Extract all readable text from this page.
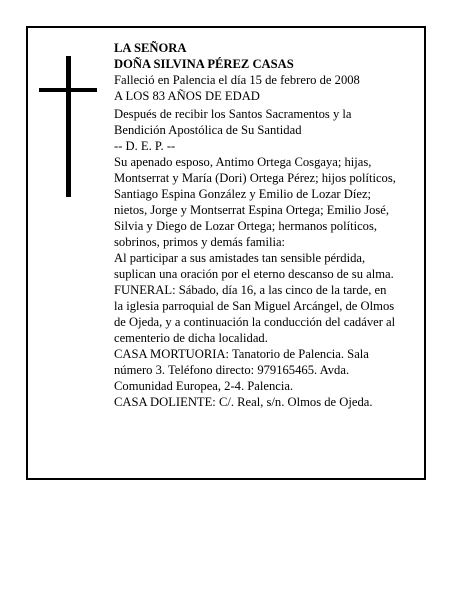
LA SEÑORA
DOÑA SILVINA PÉREZ CASAS
Falleció en Palencia el día 15 de febrero de 2008
A LOS 83 AÑOS DE EDAD
Después de recibir los Santos Sacramentos y la
Bendición Apostólica de Su Santidad
-- D. E. P. --
Su apenado esposo, Antimo Ortega Cosgaya; hijas,
Montserrat y María (Dori) Ortega Pérez; hijos políticos,
Santiago Espina González y Emilio de Lozar Díez;
nietos, Jorge y Montserrat Espina Ortega; Emilio José,
Silvia y Diego de Lozar Ortega; hermanos políticos,
sobrinos, primos y demás familia:
Al participar a sus amistades tan sensible pérdida,
suplican una oración por el eterno descanso de su alma.
FUNERAL: Sábado, día 16, a las cinco de la tarde, en
la iglesia parroquial de San Miguel Arcángel, de Olmos
de Ojeda, y a continuación la conducción del cadáver al
cementerio de dicha localidad.
CASA MORTUORIA: Tanatorio de Palencia. Sala
número 3. Teléfono directo: 979165465. Avda.
Comunidad Europea, 2-4. Palencia.
CASA DOLIENTE: C/. Real, s/n. Olmos de Ojeda.
